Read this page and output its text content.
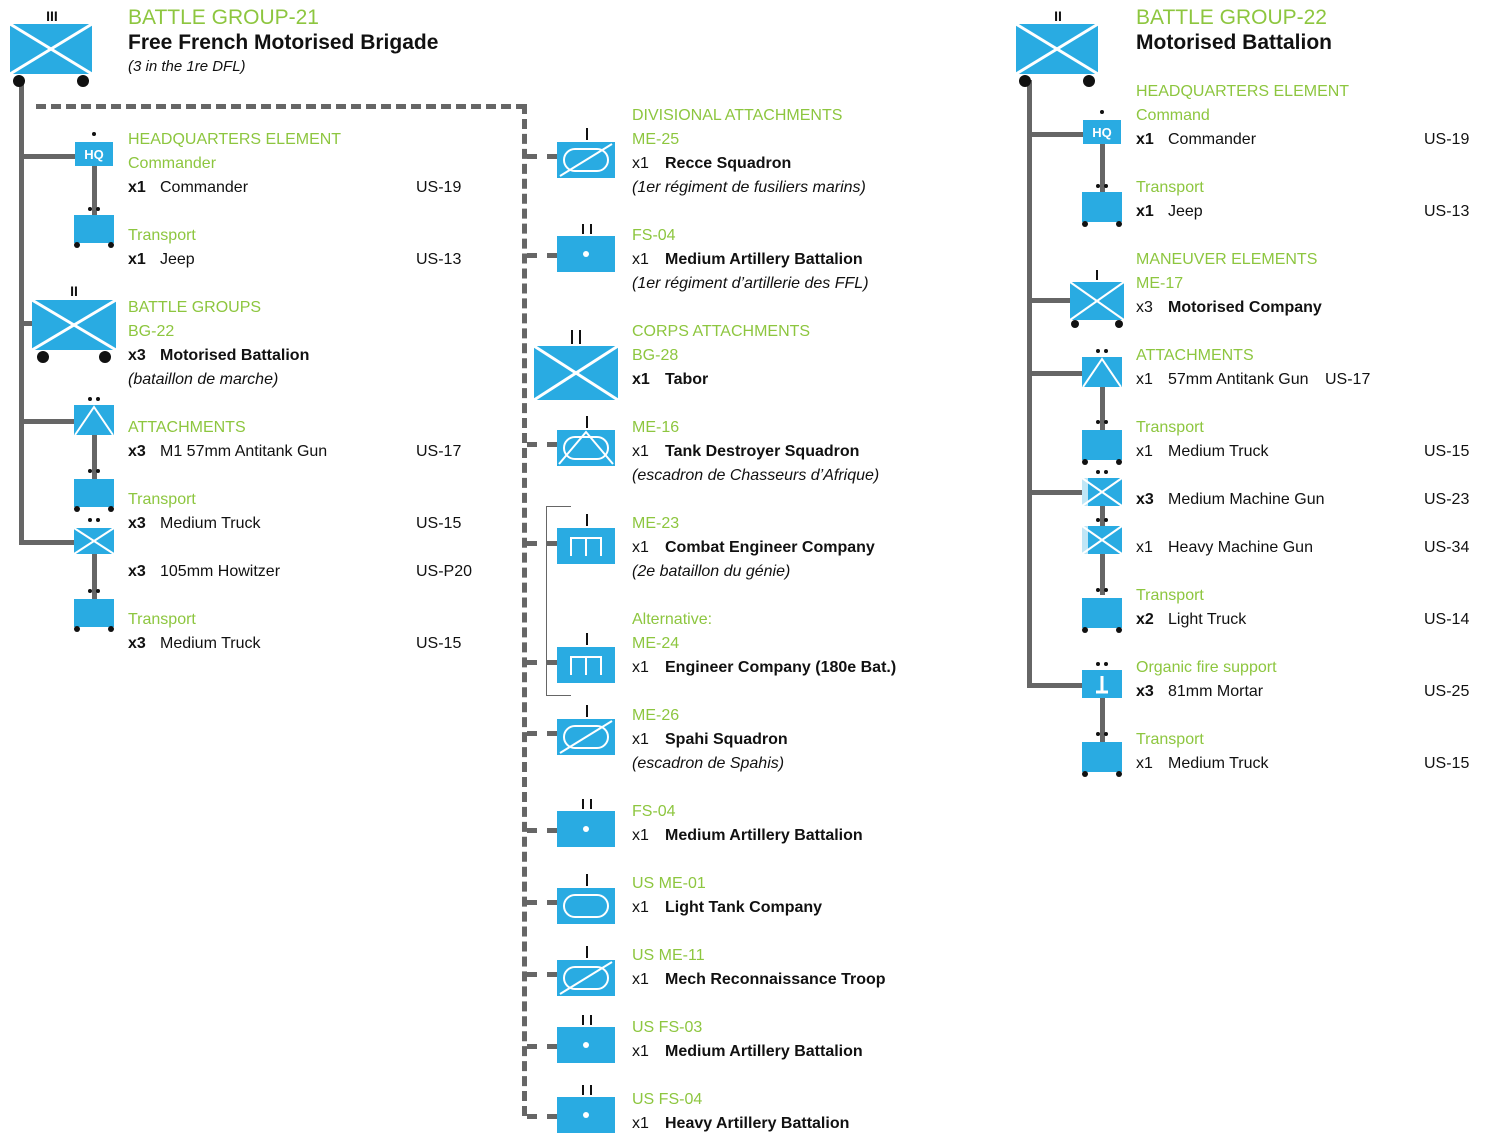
III
HQ
II
II
HQ
BATTLE GROUP-21
Free French Motorised Brigade
(3 in the 1re DFL)
HEADQUARTERS ELEMENT
Commander
x1 Commander	US-19
Transport
x1 Jeep	US-13
BATTLE GROUPS
BG-22
x3 Motorised Battalion
(bataillon de marche)
ATTACHMENTS
x3 M1 57mm Antitank Gun	US-17
Transport
x3 Medium Truck	US-15
x3 105mm Howitzer	US-P20
Transport
x3 Medium Truck	US-15
DIVISIONAL ATTACHMENTS
ME-25
x1 Recce Squadron
(1er régiment de fusiliers marins)
FS-04
x1 Medium Artillery Battalion
(1er régiment d’artillerie des FFL)
CORPS ATTACHMENTS
BG-28
x1 Tabor
ME-16
x1 Tank Destroyer Squadron
(escadron de Chasseurs d’Afrique)
ME-23
x1 Combat Engineer Company
(2e bataillon du génie)
Alternative:
ME-24
x1 Engineer Company (180e Bat.)
ME-26
x1 Spahi Squadron
(escadron de Spahis)
FS-04
x1 Medium Artillery Battalion
US ME-01
x1 Light Tank Company
US ME-11
x1 Mech Reconnaissance Troop
US FS-03
x1 Medium Artillery Battalion
US FS-04
x1 Heavy Artillery Battalion
BATTLE GROUP-22
Motorised Battalion
HEADQUARTERS ELEMENT
Command
x1 Commander	US-19
Transport
x1 Jeep	US-13
MANEUVER ELEMENTS
ME-17
x3 Motorised Company
ATTACHMENTS
x1 57mm Antitank Gun US-17
Transport
x1 Medium Truck	US-15
x3 Medium Machine Gun	US-23
x1 Heavy Machine Gun	US-34
Transport
x2 Light Truck	US-14
Organic fire support
x3 81mm Mortar	US-25
Transport
x1 Medium Truck	US-15
